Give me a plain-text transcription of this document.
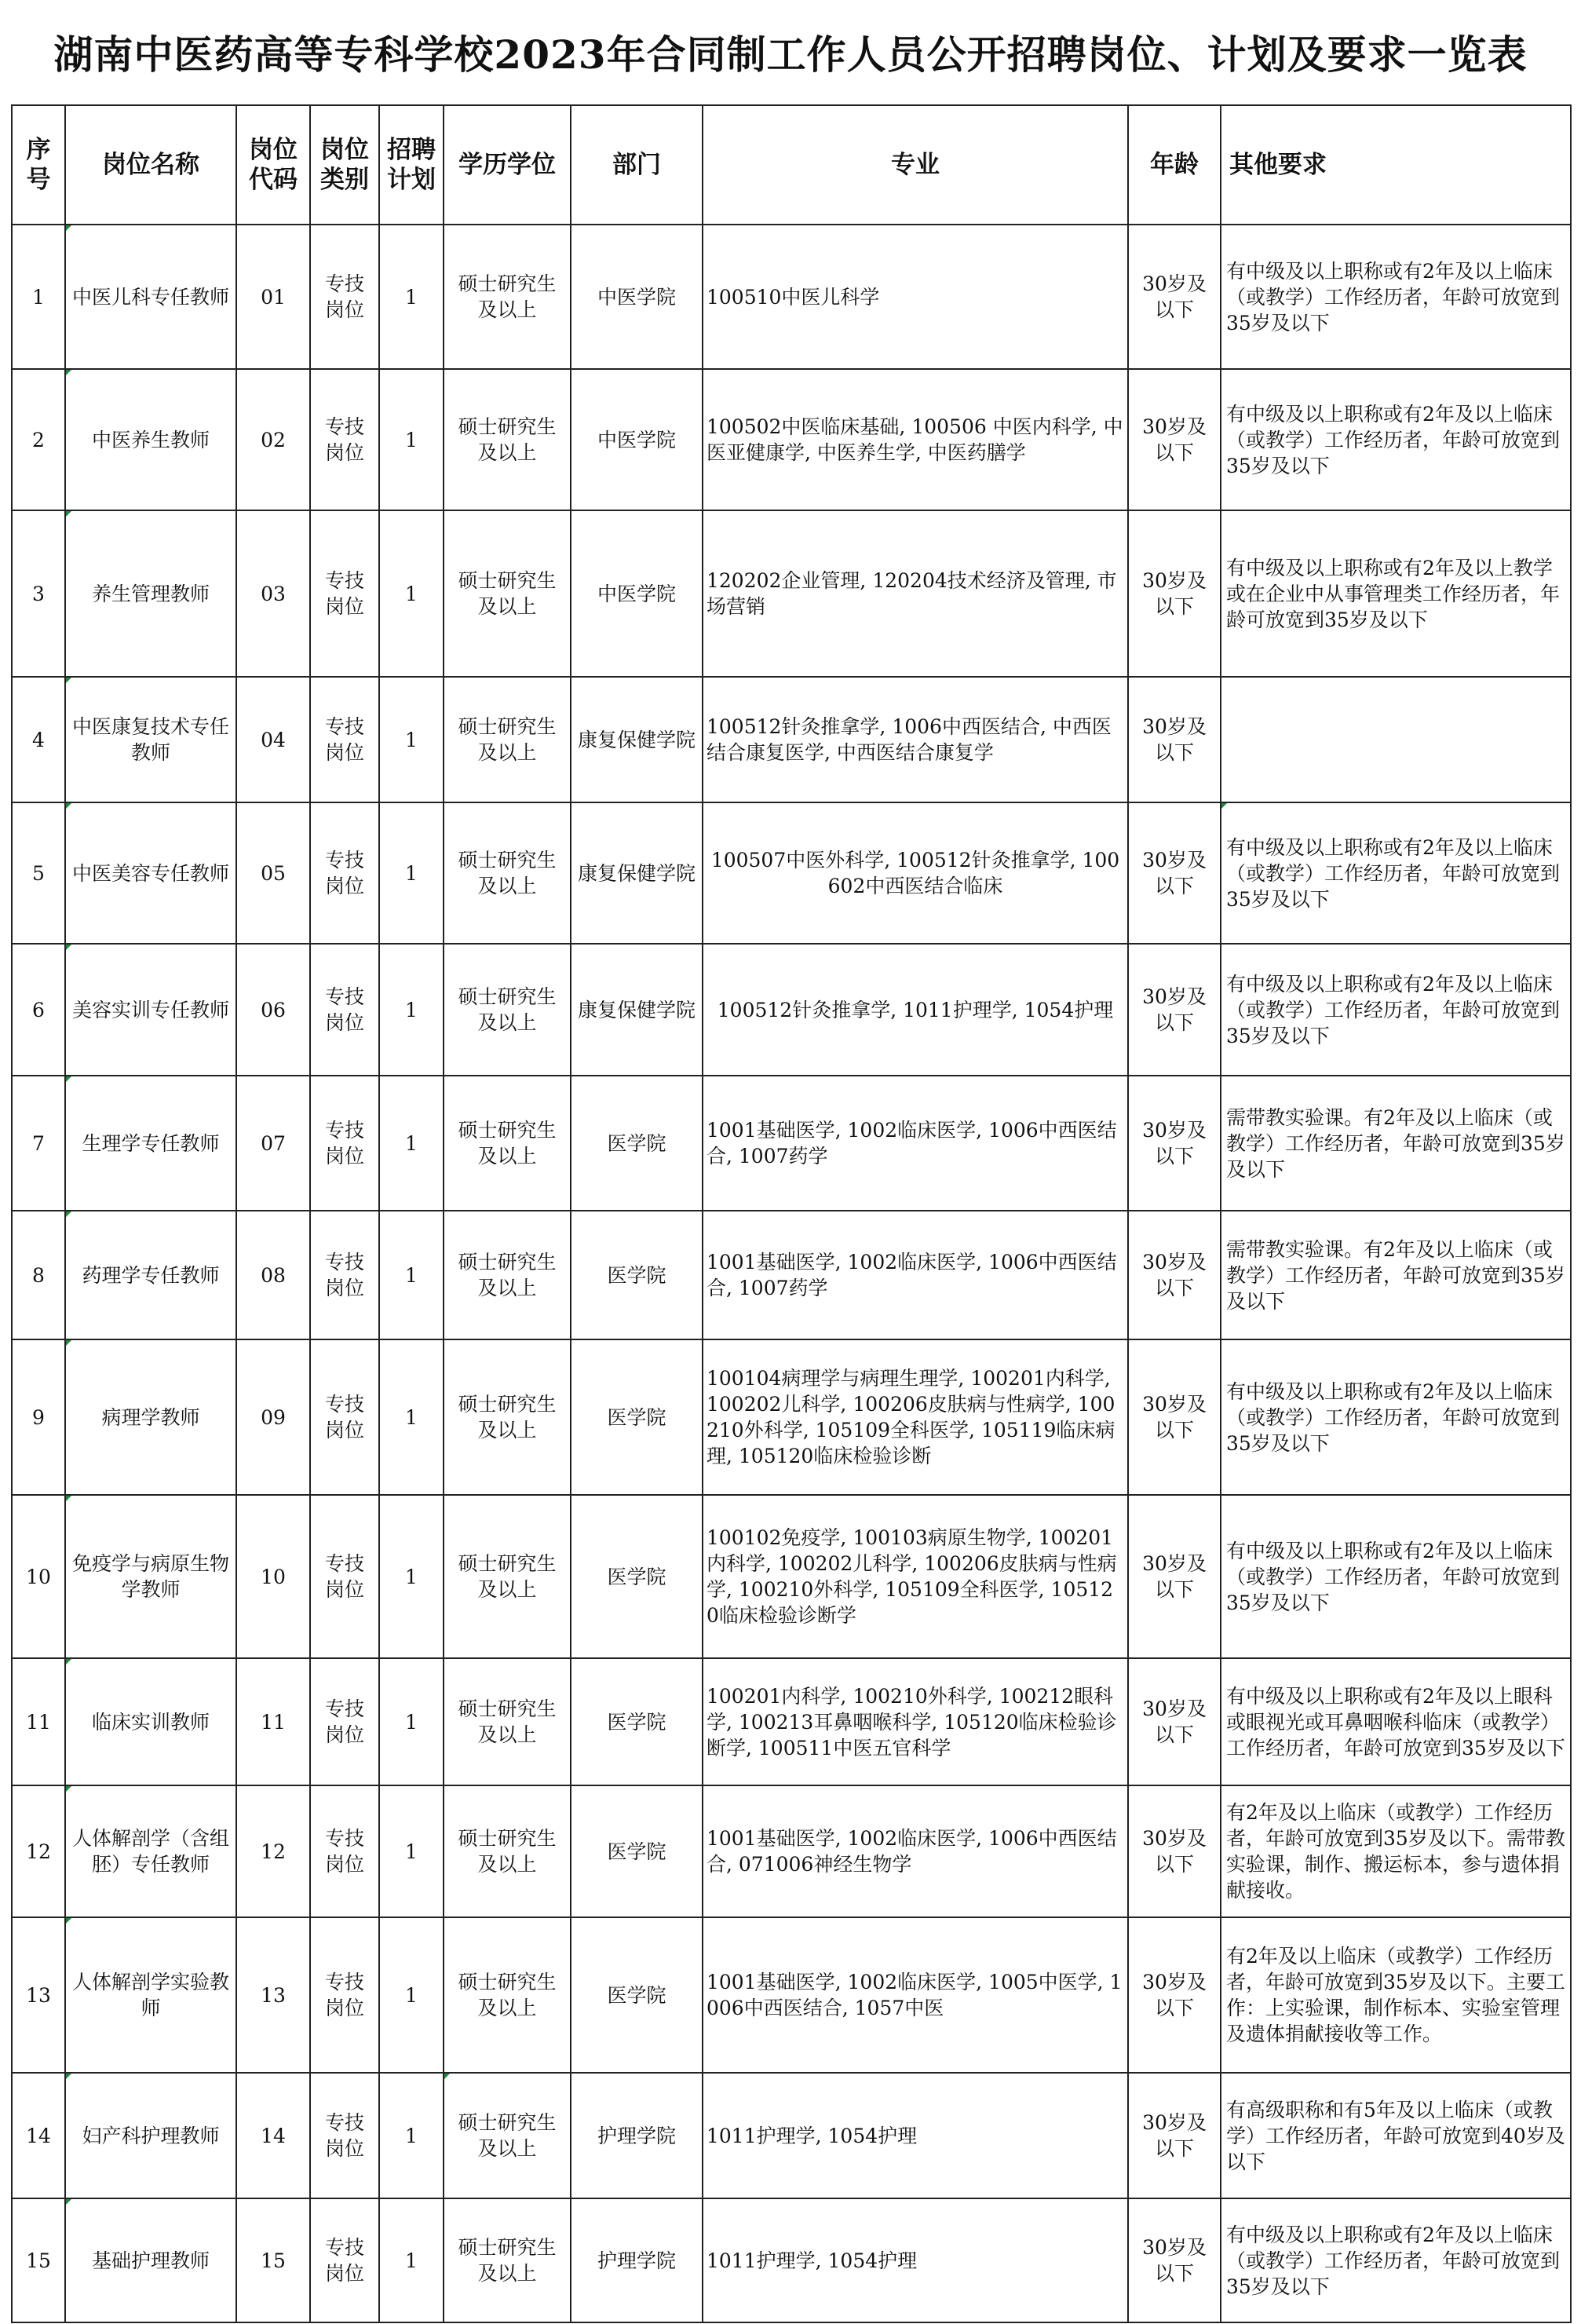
湖南中医药高等专科学校2023年合同制工作人员公开招聘岗位、计划及要求一览表
序号	岗位名称	岗位代码	岗位类别	招聘计划	学历学位	部门	专业	年龄	其他要求
1	中医儿科专任教师	01	专技岗位	1	硕士研究生及以上	中医学院	100510中医儿科学	30岁及以下	有中级及以上职称或有2年及以上临床（或教学）工作经历者，年龄可放宽到35岁及以下
2	中医养生教师	02	专技岗位	1	硕士研究生及以上	中医学院	100502中医临床基础, 100506 中医内科学, 中医亚健康学, 中医养生学, 中医药膳学	30岁及以下	有中级及以上职称或有2年及以上临床（或教学）工作经历者，年龄可放宽到35岁及以下
3	养生管理教师	03	专技岗位	1	硕士研究生及以上	中医学院	120202企业管理, 120204技术经济及管理, 市场营销	30岁及以下	有中级及以上职称或有2年及以上教学或在企业中从事管理类工作经历者，年龄可放宽到35岁及以下
4	中医康复技术专任教师	04	专技岗位	1	硕士研究生及以上	康复保健学院	100512针灸推拿学, 1006中西医结合, 中西医结合康复医学, 中西医结合康复学	30岁及以下	
5	中医美容专任教师	05	专技岗位	1	硕士研究生及以上	康复保健学院	100507中医外科学, 100512针灸推拿学, 100602中西医结合临床	30岁及以下	有中级及以上职称或有2年及以上临床（或教学）工作经历者，年龄可放宽到35岁及以下
6	美容实训专任教师	06	专技岗位	1	硕士研究生及以上	康复保健学院	100512针灸推拿学, 1011护理学, 1054护理	30岁及以下	有中级及以上职称或有2年及以上临床（或教学）工作经历者，年龄可放宽到35岁及以下
7	生理学专任教师	07	专技岗位	1	硕士研究生及以上	医学院	1001基础医学, 1002临床医学, 1006中西医结合, 1007药学	30岁及以下	需带教实验课。有2年及以上临床（或教学）工作经历者，年龄可放宽到35岁及以下
8	药理学专任教师	08	专技岗位	1	硕士研究生及以上	医学院	1001基础医学, 1002临床医学, 1006中西医结合, 1007药学	30岁及以下	需带教实验课。有2年及以上临床（或教学）工作经历者，年龄可放宽到35岁及以下
9	病理学教师	09	专技岗位	1	硕士研究生及以上	医学院	100104病理学与病理生理学, 100201内科学, 100202儿科学, 100206皮肤病与性病学, 100210外科学, 105109全科医学, 105119临床病理, 105120临床检验诊断	30岁及以下	有中级及以上职称或有2年及以上临床（或教学）工作经历者，年龄可放宽到35岁及以下
10	免疫学与病原生物学教师	10	专技岗位	1	硕士研究生及以上	医学院	100102免疫学, 100103病原生物学, 100201内科学, 100202儿科学, 100206皮肤病与性病学, 100210外科学, 105109全科医学, 105120临床检验诊断学	30岁及以下	有中级及以上职称或有2年及以上临床（或教学）工作经历者，年龄可放宽到35岁及以下
11	临床实训教师	11	专技岗位	1	硕士研究生及以上	医学院	100201内科学, 100210外科学, 100212眼科学, 100213耳鼻咽喉科学, 105120临床检验诊断学, 100511中医五官科学	30岁及以下	有中级及以上职称或有2年及以上眼科或眼视光或耳鼻咽喉科临床（或教学）工作经历者，年龄可放宽到35岁及以下
12	人体解剖学（含组胚）专任教师	12	专技岗位	1	硕士研究生及以上	医学院	1001基础医学, 1002临床医学, 1006中西医结合, 071006神经生物学	30岁及以下	有2年及以上临床（或教学）工作经历者，年龄可放宽到35岁及以下。需带教实验课，制作、搬运标本，参与遗体捐献接收。
13	人体解剖学实验教师	13	专技岗位	1	硕士研究生及以上	医学院	1001基础医学, 1002临床医学, 1005中医学, 1006中西医结合, 1057中医	30岁及以下	有2年及以上临床（或教学）工作经历者，年龄可放宽到35岁及以下。主要工作：上实验课，制作标本、实验室管理及遗体捐献接收等工作。
14	妇产科护理教师	14	专技岗位	1	硕士研究生及以上	护理学院	1011护理学, 1054护理	30岁及以下	有高级职称和有5年及以上临床（或教学）工作经历者，年龄可放宽到40岁及以下
15	基础护理教师	15	专技岗位	1	硕士研究生及以上	护理学院	1011护理学, 1054护理	30岁及以下	有中级及以上职称或有2年及以上临床（或教学）工作经历者，年龄可放宽到35岁及以下
